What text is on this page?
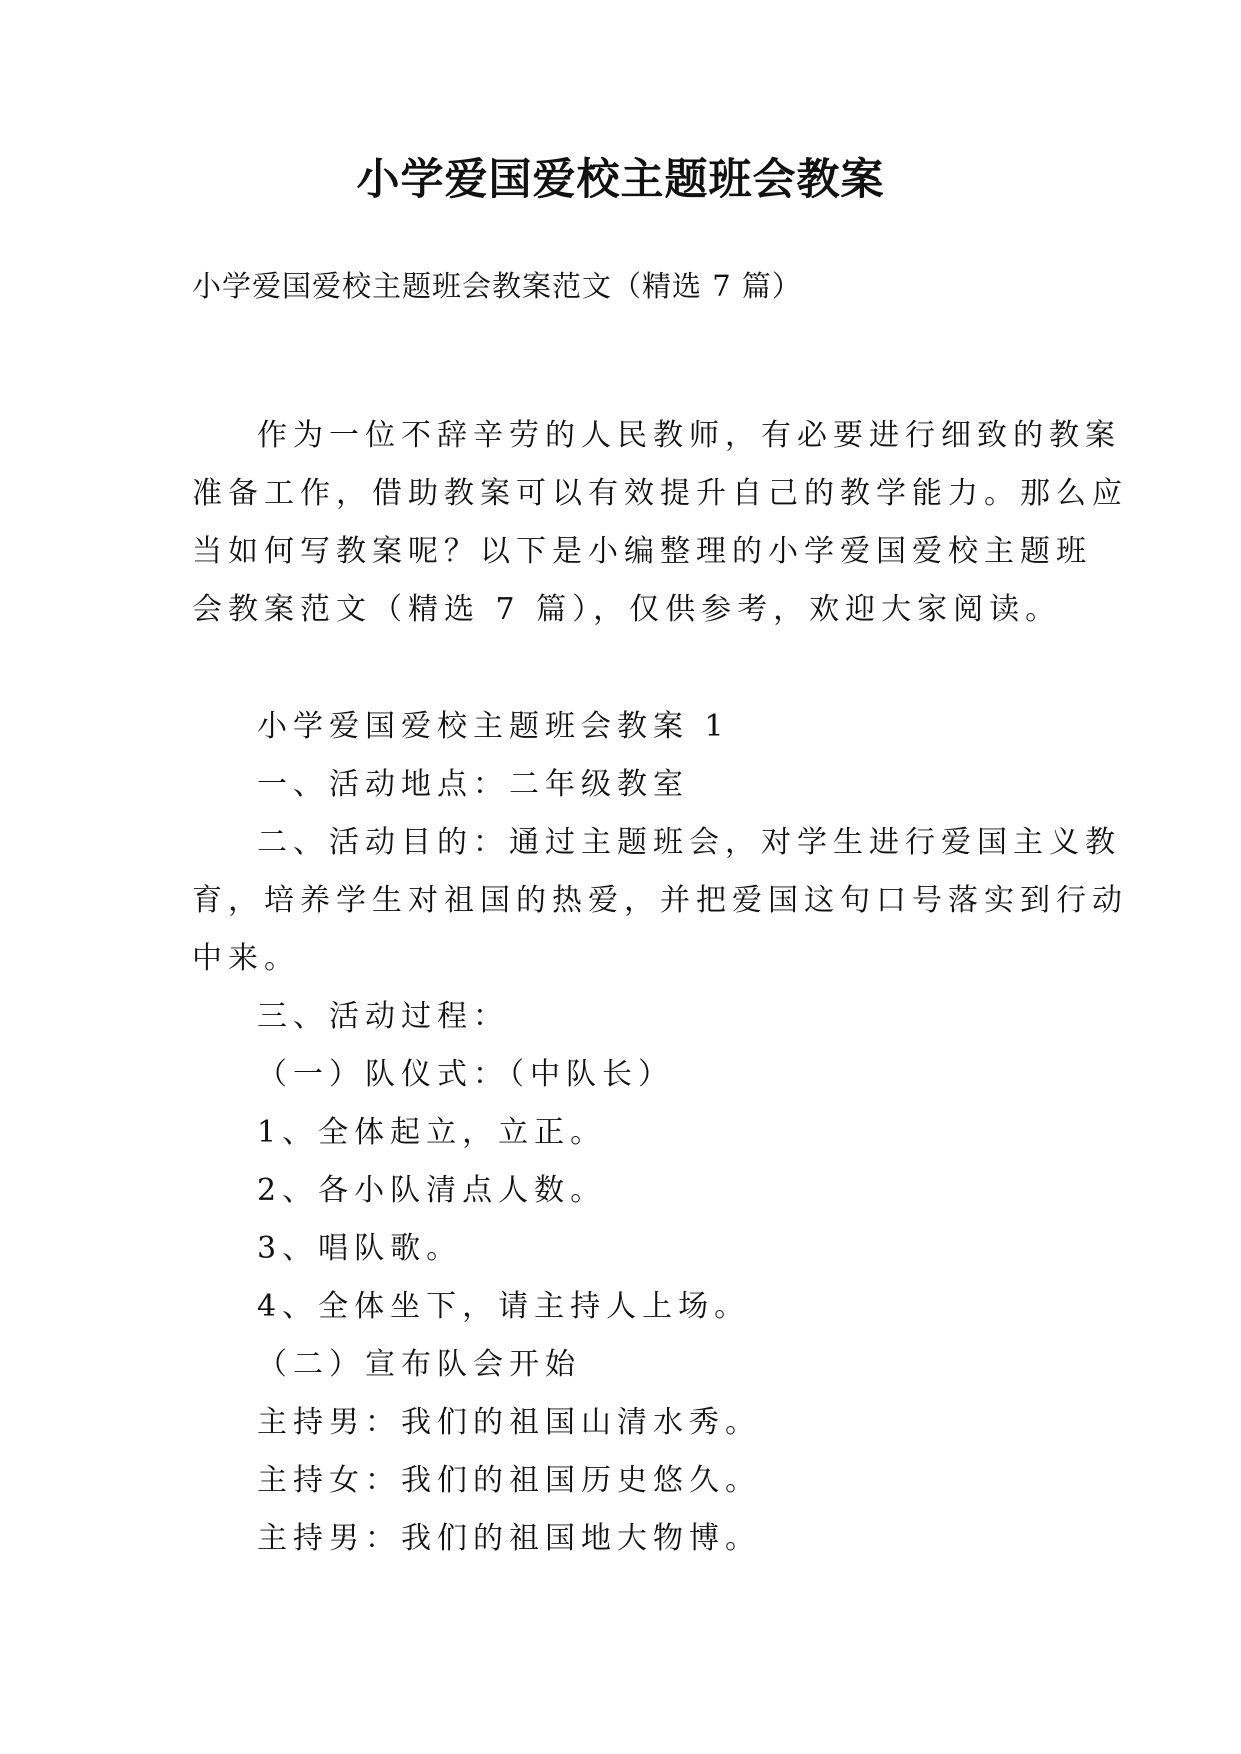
小学爱国爱校主题班会教案
小学爱国爱校主题班会教案范文（精选 7 篇）
作为一位不辞辛劳的人民教师，有必要进行细致的教案
准备工作，借助教案可以有效提升自己的教学能力。那么应
当如何写教案呢？以下是小编整理的小学爱国爱校主题班
会教案范文（精选 7 篇），仅供参考，欢迎大家阅读。
小学爱国爱校主题班会教案 1
一、活动地点：二年级教室
二、活动目的：通过主题班会，对学生进行爱国主义教
育，培养学生对祖国的热爱，并把爱国这句口号落实到行动
中来。
三、活动过程：
（一）队仪式：（中队长）
1、全体起立，立正。
2、各小队清点人数。
3、唱队歌。
4、全体坐下，请主持人上场。
（二）宣布队会开始
主持男：我们的祖国山清水秀。
主持女：我们的祖国历史悠久。
主持男：我们的祖国地大物博。
